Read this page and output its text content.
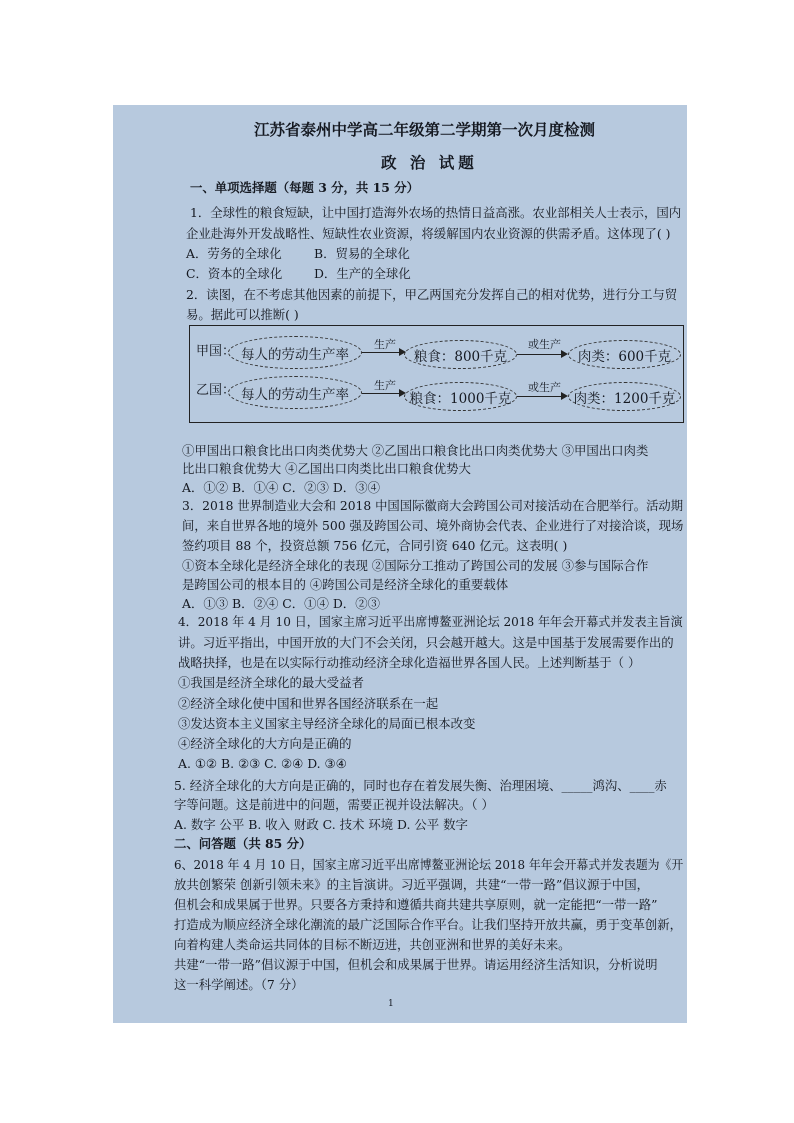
江苏省泰州中学高二年级第二学期第一次月度检测
政 治 试题
一、单项选择题（每题 3 分，共 15 分）
1．全球性的粮食短缺，让中国打造海外农场的热情日益高涨。农业部相关人士表示，国内
企业赴海外开发战略性、短缺性农业资源，将缓解国内农业资源的供需矛盾。这体现了( )
A．劳务的全球化	B．贸易的全球化
C．资本的全球化	D．生产的全球化
2．读图，在不考虑其他因素的前提下，甲乙两国充分发挥自己的相对优势，进行分工与贸
易。据此可以推断( )
甲国： 每人的劳动生产率
生产
粮食：800千克
或生产
肉类：600千克
乙国： 每人的劳动生产率
生产
粮食：1000千克
或生产
肉类：1200千克
①甲国出口粮食比出口肉类优势大 ②乙国出口粮食比出口肉类优势大 ③甲国出口肉类
比出口粮食优势大 ④乙国出口肉类比出口粮食优势大
A．①② B．①④ C．②③ D．③④
3．2018 世界制造业大会和 2018 中国国际徽商大会跨国公司对接活动在合肥举行。活动期
间，来自世界各地的境外 500 强及跨国公司、境外商协会代表、企业进行了对接洽谈，现场
签约项目 88 个，投资总额 756 亿元，合同引资 640 亿元。这表明( )
①资本全球化是经济全球化的表现 ②国际分工推动了跨国公司的发展 ③参与国际合作
是跨国公司的根本目的 ④跨国公司是经济全球化的重要载体
A．①③ B．②④ C．①④ D．②③
4．2018 年 4 月 10 日，国家主席习近平出席博鳌亚洲论坛 2018 年年会开幕式并发表主旨演
讲。习近平指出，中国开放的大门不会关闭，只会越开越大。这是中国基于发展需要作出的
战略抉择，也是在以实际行动推动经济全球化造福世界各国人民。上述判断基于（ ）
①我国是经济全球化的最大受益者
②经济全球化使中国和世界各国经济联系在一起
③发达资本主义国家主导经济全球化的局面已根本改变
④经济全球化的大方向是正确的
A. ①② B. ②③ C. ②④ D. ③④
5. 经济全球化的大方向是正确的，同时也存在着发展失衡、治理困境、_____鸿沟、____赤
字等问题。这是前进中的问题，需要正视并设法解决。（ ）
A. 数字 公平 B. 收入 财政 C. 技术 环境 D. 公平 数字
二、问答题（共 85 分）
6、2018 年 4 月 10 日，国家主席习近平出席博鳌亚洲论坛 2018 年年会开幕式并发表题为《开
放共创繁荣 创新引领未来》的主旨演讲。习近平强调，共建“一带一路”倡议源于中国，
但机会和成果属于世界。只要各方秉持和遵循共商共建共享原则，就一定能把“一带一路”
打造成为顺应经济全球化潮流的最广泛国际合作平台。让我们坚持开放共赢，勇于变革创新，
向着构建人类命运共同体的目标不断迈进，共创亚洲和世界的美好未来。
共建“一带一路”倡议源于中国，但机会和成果属于世界。请运用经济生活知识，分析说明
这一科学阐述。（7 分）
1
